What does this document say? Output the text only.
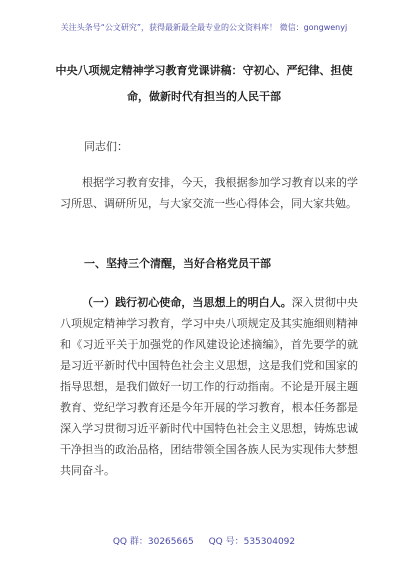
关注头条号“公文研究”，获得最新最全最专业的公文资料库！ 微信：gongwenyj
中央八项规定精神学习教育党课讲稿：守初心、严纪律、担使命，做新时代有担当的人民干部
同志们：

根据学习教育安排，今天，我根据参加学习教育以来的学习所思、调研所见，与大家交流一些心得体会，同大家共勉。

一、坚持三个清醒，当好合格党员干部

（一）践行初心使命，当思想上的明白人。深入贯彻中央八项规定精神学习教育，学习中央八项规定及其实施细则精神和《习近平关于加强党的作风建设论述摘编》，首先要学的就是习近平新时代中国特色社会主义思想，这是我们党和国家的指导思想，是我们做好一切工作的行动指南。不论是开展主题教育、党纪学习教育还是今年开展的学习教育，根本任务都是深入学习贯彻习近平新时代中国特色社会主义思想，铸炼忠诚干净担当的政治品格，团结带领全国各族人民为实现伟大梦想共同奋斗。

QQ 群：30265665 QQ 号：535304092
